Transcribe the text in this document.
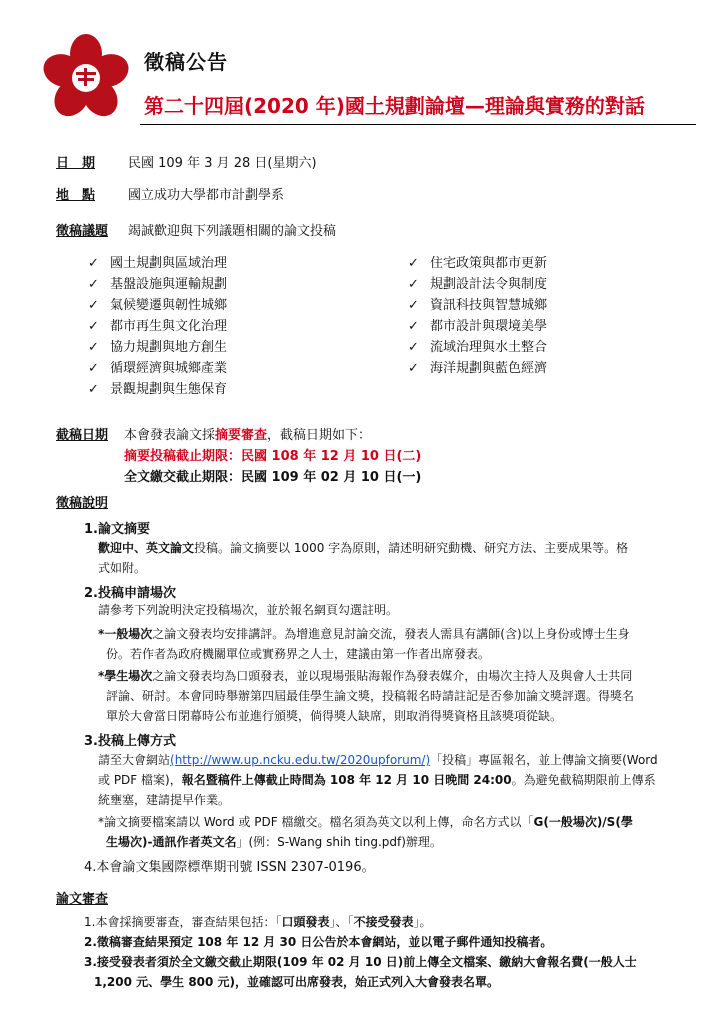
徵稿公告
第二十四屆(2020 年)國土規劃論壇—理論與實務的對話
日　期	民國 109 年 3 月 28 日(星期六)
地　點	國立成功大學都市計劃學系
徵稿議題 竭誠歡迎與下列議題相關的論文投稿
✓ 國土規劃與區域治理
✓ 基盤設施與運輸規劃
✓ 氣候變遷與韌性城鄉
✓ 都市再生與文化治理
✓ 協力規劃與地方創生
✓ 循環經濟與城鄉產業
✓ 景觀規劃與生態保育
✓ 住宅政策與都市更新
✓ 規劃設計法令與制度
✓ 資訊科技與智慧城鄉
✓ 都市設計與環境美學
✓ 流域治理與水土整合
✓ 海洋規劃與藍色經濟
截稿日期 本會發表論文採摘要審查，截稿日期如下：
摘要投稿截止期限：民國 108 年 12 月 10 日(二)
全文繳交截止期限：民國 109 年 02 月 10 日(一)
徵稿說明
1.論文摘要
歡迎中、英文論文投稿。論文摘要以 1000 字為原則，請述明研究動機、研究方法、主要成果等。格
式如附。
2.投稿申請場次
請參考下列說明決定投稿場次，並於報名網頁勾選註明。
*一般場次之論文發表均安排講評。為增進意見討論交流，發表人需具有講師(含)以上身份或博士生身
份。若作者為政府機關單位或實務界之人士，建議由第一作者出席發表。
*學生場次之論文發表均為口頭發表，並以現場張貼海報作為發表媒介，由場次主持人及與會人士共同
評論、研討。本會同時舉辦第四屆最佳學生論文獎，投稿報名時請註記是否參加論文獎評選。得獎名
單於大會當日閉幕時公布並進行頒獎，倘得獎人缺席，則取消得獎資格且該獎項從缺。
3.投稿上傳方式
請至大會網站(http://www.up.ncku.edu.tw/2020upforum/)「投稿」專區報名，並上傳論文摘要(Word
或 PDF 檔案)，報名暨稿件上傳截止時間為 108 年 12 月 10 日晚間 24:00。為避免截稿期限前上傳系
統壅塞，建請提早作業。
*論文摘要檔案請以 Word 或 PDF 檔繳交。檔名須為英文以利上傳，命名方式以「G(一般場次)/S(學
生場次)-通訊作者英文名」(例：S-Wang shih ting.pdf)辦理。
4.本會論文集國際標準期刊號 ISSN 2307-0196。
論文審查
1.本會採摘要審查，審查結果包括：「口頭發表」、「不接受發表」。
2.徵稿審查結果預定 108 年 12 月 30 日公告於本會網站，並以電子郵件通知投稿者。
3.接受發表者須於全文繳交截止期限(109 年 02 月 10 日)前上傳全文檔案、繳納大會報名費(一般人士
1,200 元、學生 800 元)，並確認可出席發表，始正式列入大會發表名單。
